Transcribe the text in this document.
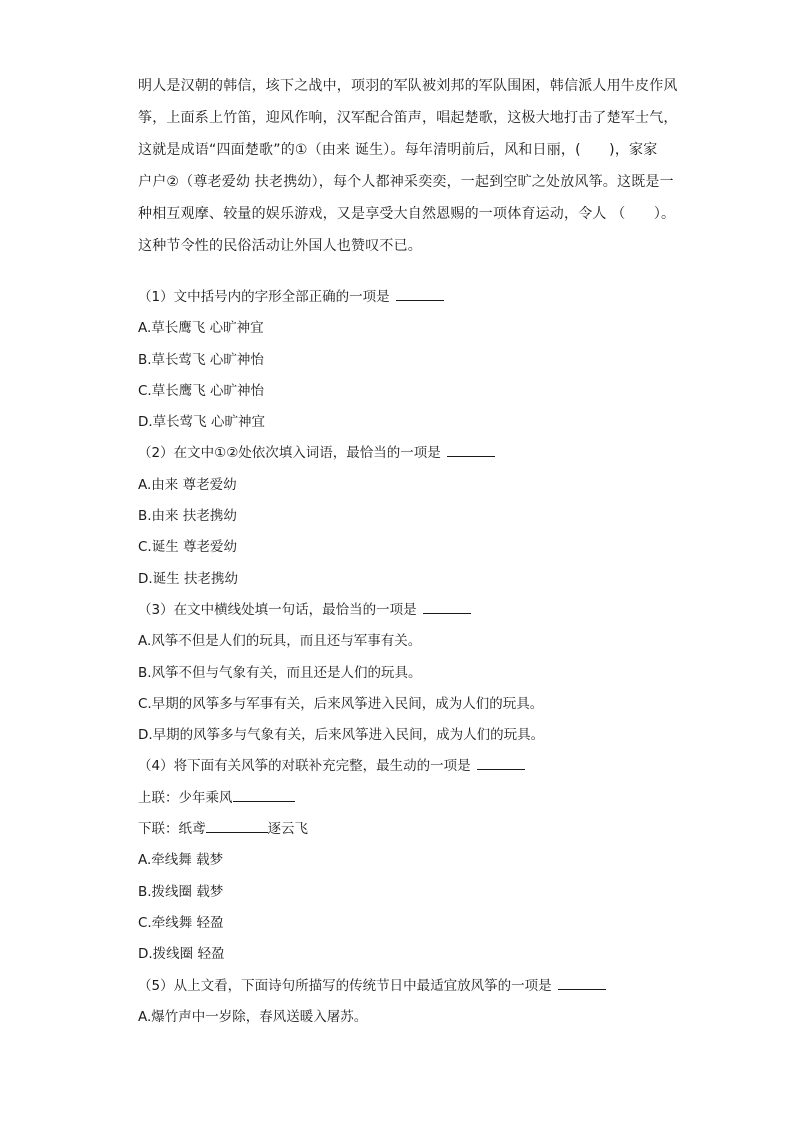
明人是汉朝的韩信，垓下之战中，项羽的军队被刘邦的军队围困，韩信派人用牛皮作风
筝，上面系上竹笛，迎风作响，汉军配合笛声，唱起楚歌，这极大地打击了楚军士气，
这就是成语“四面楚歌”的①（由来 诞生）。每年清明前后，风和日丽，(　　)，家家
户户②（尊老爱幼 扶老携幼），每个人都神采奕奕，一起到空旷之处放风筝。这既是一
种相互观摩、较量的娱乐游戏，又是享受大自然恩赐的一项体育运动，令人 （　　）。
这种节令性的民俗活动让外国人也赞叹不已。
（1）文中括号内的字形全部正确的一项是
A.草长鹰飞 心旷神宜
B.草长莺飞 心旷神怡
C.草长鹰飞 心旷神怡
D.草长莺飞 心旷神宜
（2）在文中①②处依次填入词语，最恰当的一项是
A.由来 尊老爱幼
B.由来 扶老携幼
C.诞生 尊老爱幼
D.诞生 扶老携幼
（3）在文中横线处填一句话，最恰当的一项是
A.风筝不但是人们的玩具，而且还与军事有关。
B.风筝不但与气象有关，而且还是人们的玩具。
C.早期的风筝多与军事有关，后来风筝进入民间，成为人们的玩具。
D.早期的风筝多与气象有关，后来风筝进入民间，成为人们的玩具。
（4）将下面有关风筝的对联补充完整，最生动的一项是
上联：少年乘风
下联：纸鸢	逐云飞
A.牵线舞 载梦
B.拨线圈 载梦
C.牵线舞 轻盈
D.拨线圈 轻盈
（5）从上文看，下面诗句所描写的传统节日中最适宜放风筝的一项是
A.爆竹声中一岁除，春风送暖入屠苏。
